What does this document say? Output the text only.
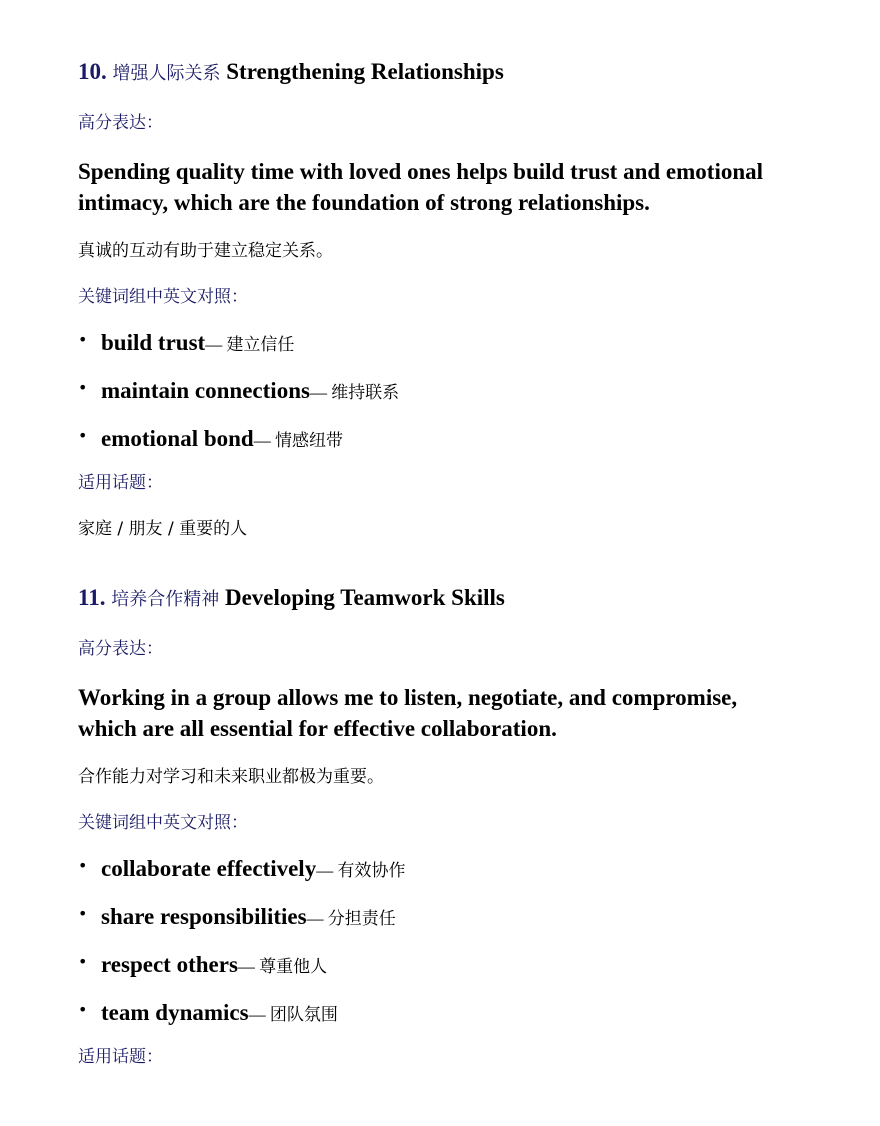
10. 增强人际关系 Strengthening Relationships

高分表达：

Spending quality time with loved ones helps build trust and emotional intimacy, which are the foundation of strong relationships.

真诚的互动有助于建立稳定关系。

关键词组中英文对照：

• build trust— 建立信任
• maintain connections— 维持联系
• emotional bond— 情感纽带

适用话题：

家庭 / 朋友 / 重要的人

11. 培养合作精神 Developing Teamwork Skills

高分表达：

Working in a group allows me to listen, negotiate, and compromise, which are all essential for effective collaboration.

合作能力对学习和未来职业都极为重要。

关键词组中英文对照：

• collaborate effectively— 有效协作
• share responsibilities— 分担责任
• respect others— 尊重他人
• team dynamics— 团队氛围

适用话题：
